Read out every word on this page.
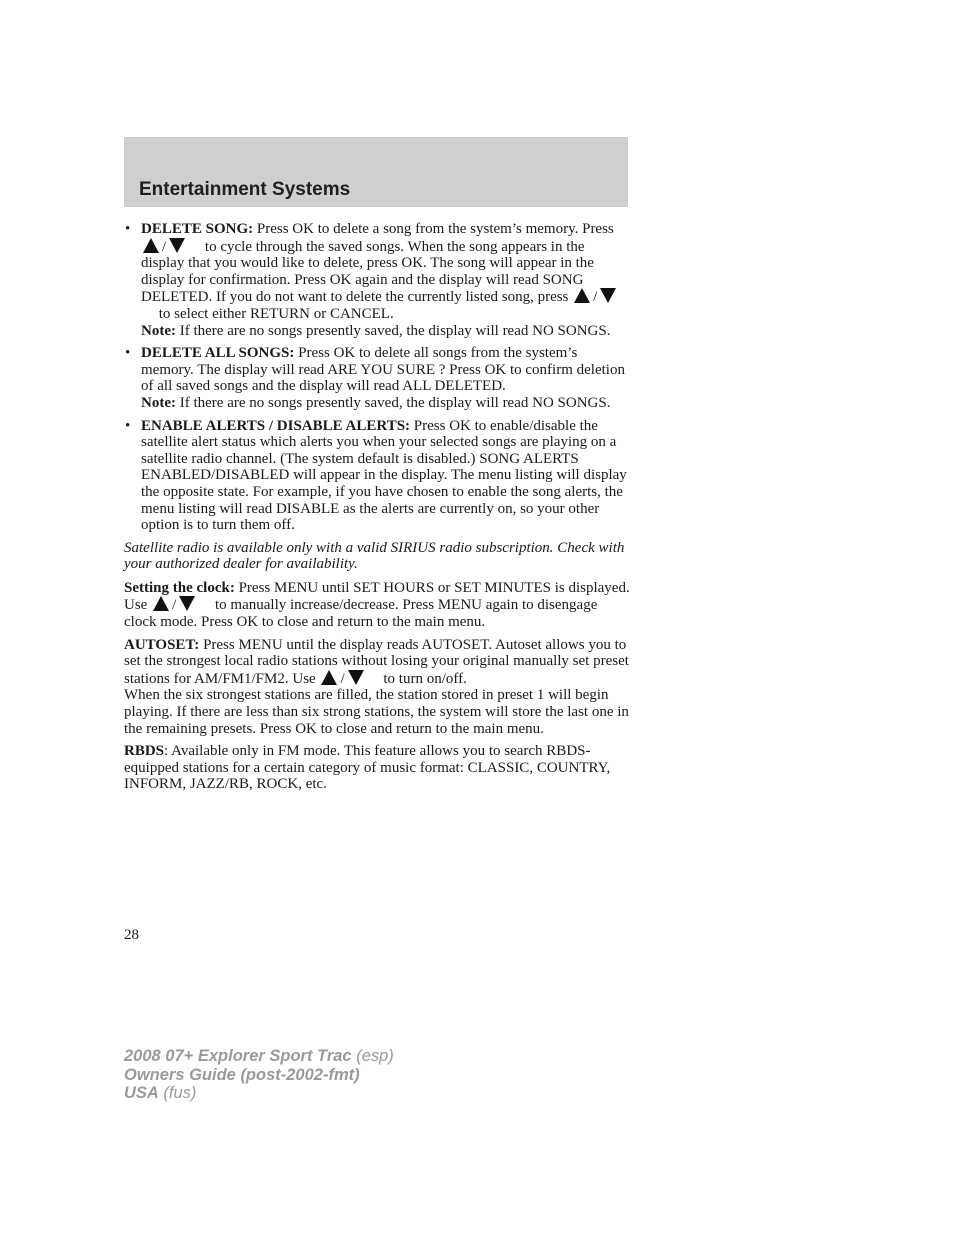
Entertainment Systems

• DELETE SONG: Press OK to delete a song from the system’s memory. Press / to cycle through the saved songs. When the song appears in the display that you would like to delete, press OK. The song will appear in the display for confirmation. Press OK again and the display will read SONG DELETED. If you do not want to delete the currently listed song, press / to select either RETURN or CANCEL.

Note: If there are no songs presently saved, the display will read NO SONGS.

• DELETE ALL SONGS: Press OK to delete all songs from the system’s memory. The display will read ARE YOU SURE ? Press OK to confirm deletion of all saved songs and the display will read ALL DELETED.

Note: If there are no songs presently saved, the display will read NO SONGS.

• ENABLE ALERTS / DISABLE ALERTS: Press OK to enable/disable the satellite alert status which alerts you when your selected songs are playing on a satellite radio channel. (The system default is disabled.) SONG ALERTS ENABLED/DISABLED will appear in the display. The menu listing will display the opposite state. For example, if you have chosen to enable the song alerts, the menu listing will read DISABLE as the alerts are currently on, so your other option is to turn them off.

Satellite radio is available only with a valid SIRIUS radio subscription. Check with your authorized dealer for availability.

Setting the clock: Press MENU until SET HOURS or SET MINUTES is displayed. Use / to manually increase/decrease. Press MENU again to disengage clock mode. Press OK to close and return to the main menu.

AUTOSET: Press MENU until the display reads AUTOSET. Autoset allows you to set the strongest local radio stations without losing your original manually set preset stations for AM/FM1/FM2. Use / to turn on/off.

When the six strongest stations are filled, the station stored in preset 1 will begin playing. If there are less than six strong stations, the system will store the last one in the remaining presets. Press OK to close and return to the main menu.

RBDS: Available only in FM mode. This feature allows you to search RBDS-equipped stations for a certain category of music format: CLASSIC, COUNTRY, INFORM, JAZZ/RB, ROCK, etc.

28
2008 07+ Explorer Sport Trac (esp)
Owners Guide (post-2002-fmt)
USA (fus)
